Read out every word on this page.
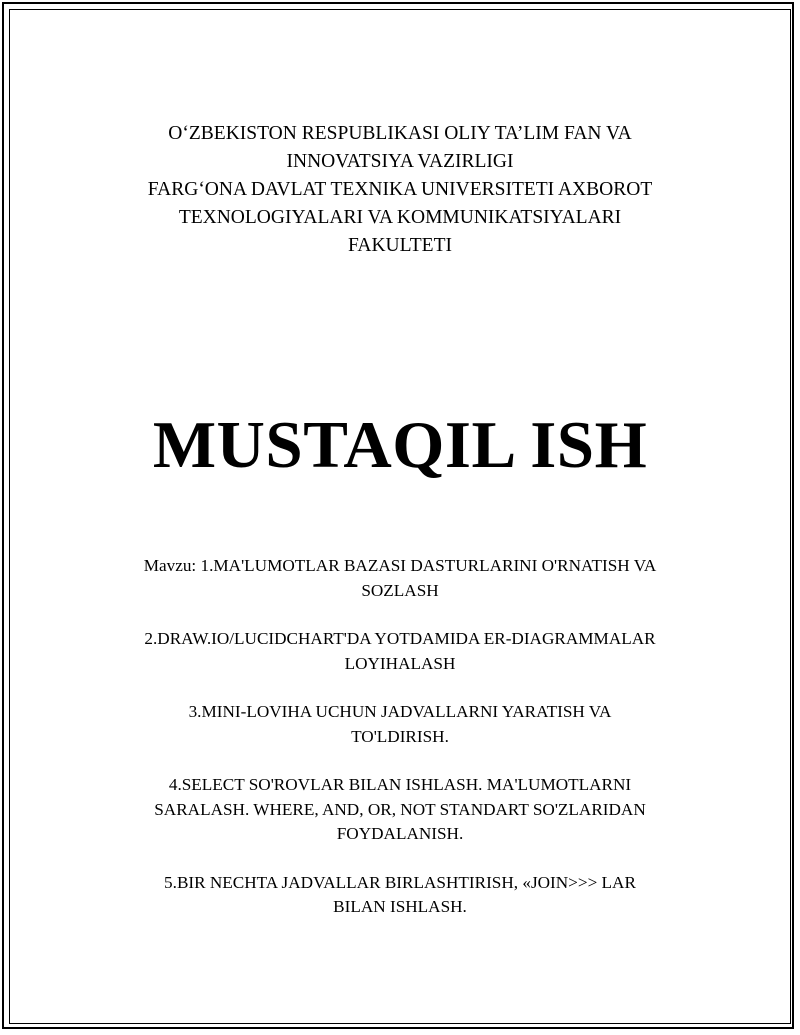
O‘ZBEKISTON RESPUBLIKASI OLIY TA’LIM FAN VA
INNOVATSIYA VAZIRLIGI
FARG‘ONA DAVLAT TEXNIKA UNIVERSITETI AXBOROT
TEXNOLOGIYALARI VA KOMMUNIKATSIYALARI
FAKULTETI
MUSTAQIL ISH
Mavzu: 1.MA'LUMOTLAR BAZASI DASTURLARINI O'RNATISH VA
SOZLASH
2.DRAW.IO/LUCIDCHART'DA YOTDAMIDA ER-DIAGRAMMALAR
LOYIHALASH
3.MINI-LOVIHA UCHUN JADVALLARNI YARATISH VA
TO'LDIRISH.
4.SELECT SO'ROVLAR BILAN ISHLASH. MA'LUMOTLARNI
SARALASH. WHERE, AND, OR, NOT STANDART SO'ZLARIDAN
FOYDALANISH.
5.BIR NECHTA JADVALLAR BIRLASHTIRISH, «JOIN>>> LAR
BILAN ISHLASH.
